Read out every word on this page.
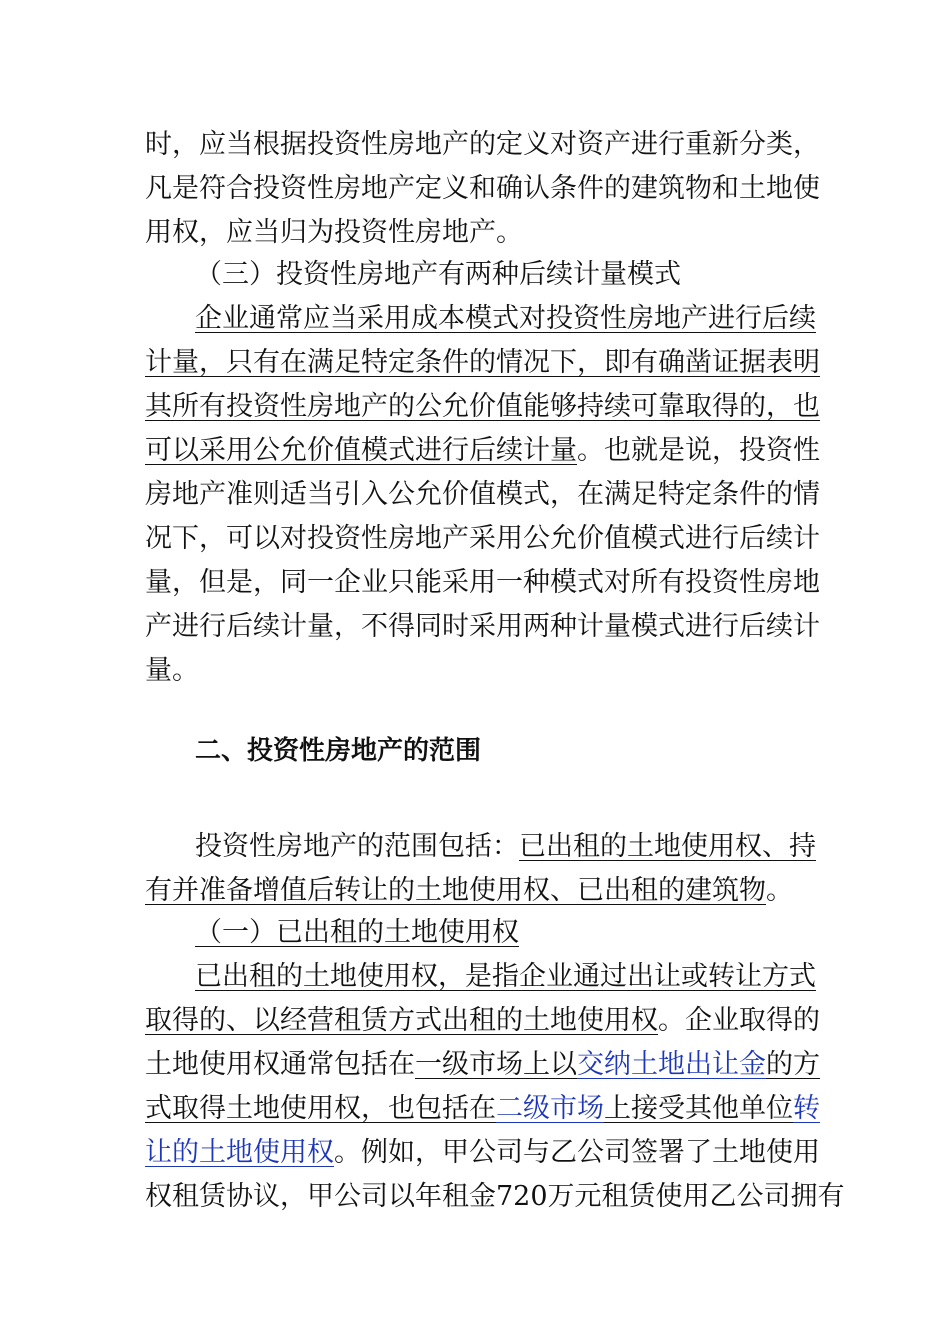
时，应当根据投资性房地产的定义对资产进行重新分类，
凡是符合投资性房地产定义和确认条件的建筑物和土地使
用权，应当归为投资性房地产。
（三）投资性房地产有两种后续计量模式
企业通常应当采用成本模式对投资性房地产进行后续
计量，只有在满足特定条件的情况下，即有确凿证据表明
其所有投资性房地产的公允价值能够持续可靠取得的，也
可以采用公允价值模式进行后续计量。也就是说，投资性
房地产准则适当引入公允价值模式，在满足特定条件的情
况下，可以对投资性房地产采用公允价值模式进行后续计
量，但是，同一企业只能采用一种模式对所有投资性房地
产进行后续计量，不得同时采用两种计量模式进行后续计
量。
二、投资性房地产的范围
投资性房地产的范围包括：已出租的土地使用权、持
有并准备增值后转让的土地使用权、已出租的建筑物。
（一）已出租的土地使用权
已出租的土地使用权，是指企业通过出让或转让方式
取得的、以经营租赁方式出租的土地使用权。企业取得的
土地使用权通常包括在一级市场上以交纳土地出让金的方
式取得土地使用权，也包括在二级市场上接受其他单位转
让的土地使用权。例如，甲公司与乙公司签署了土地使用
权租赁协议，甲公司以年租金720万元租赁使用乙公司拥有
